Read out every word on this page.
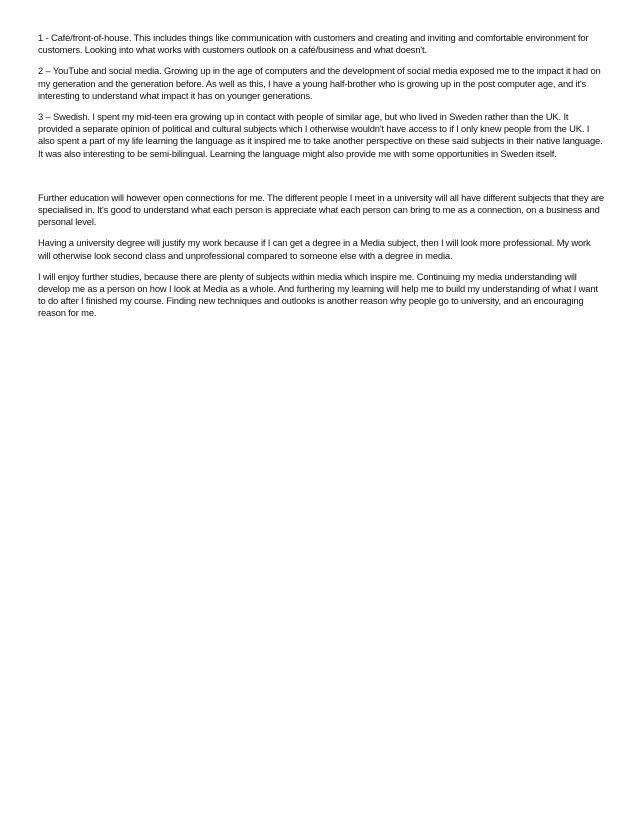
1 - Café/front-of-house. This includes things like communication with customers and creating and inviting and comfortable environment for customers. Looking into what works with customers outlook on a café/business and what doesn't.

2 – YouTube and social media. Growing up in the age of computers and the development of social media exposed me to the impact it had on my generation and the generation before. As well as this, I have a young half-brother who is growing up in the post computer age, and it's interesting to understand what impact it has on younger generations.

3 – Swedish. I spent my mid-teen era growing up in contact with people of similar age, but who lived in Sweden rather than the UK. It provided a separate opinion of political and cultural subjects which I otherwise wouldn't have access to if I only knew people from the UK. I also spent a part of my life learning the language as it inspired me to take another perspective on these said subjects in their native language. It was also interesting to be semi-bilingual. Learning the language might also provide me with some opportunities in Sweden itself.

Further education will however open connections for me. The different people I meet in a university will all have different subjects that they are specialised in. It's good to understand what each person is appreciate what each person can bring to me as a connection, on a business and personal level.

Having a university degree will justify my work because if I can get a degree in a Media subject, then I will look more professional. My work will otherwise look second class and unprofessional compared to someone else with a degree in media.

I will enjoy further studies, because there are plenty of subjects within media which inspire me. Continuing my media understanding will develop me as a person on how I look at Media as a whole. And furthering my learning will help me to build my understanding of what I want to do after I finished my course. Finding new techniques and outlooks is another reason why people go to university, and an encouraging reason for me.
